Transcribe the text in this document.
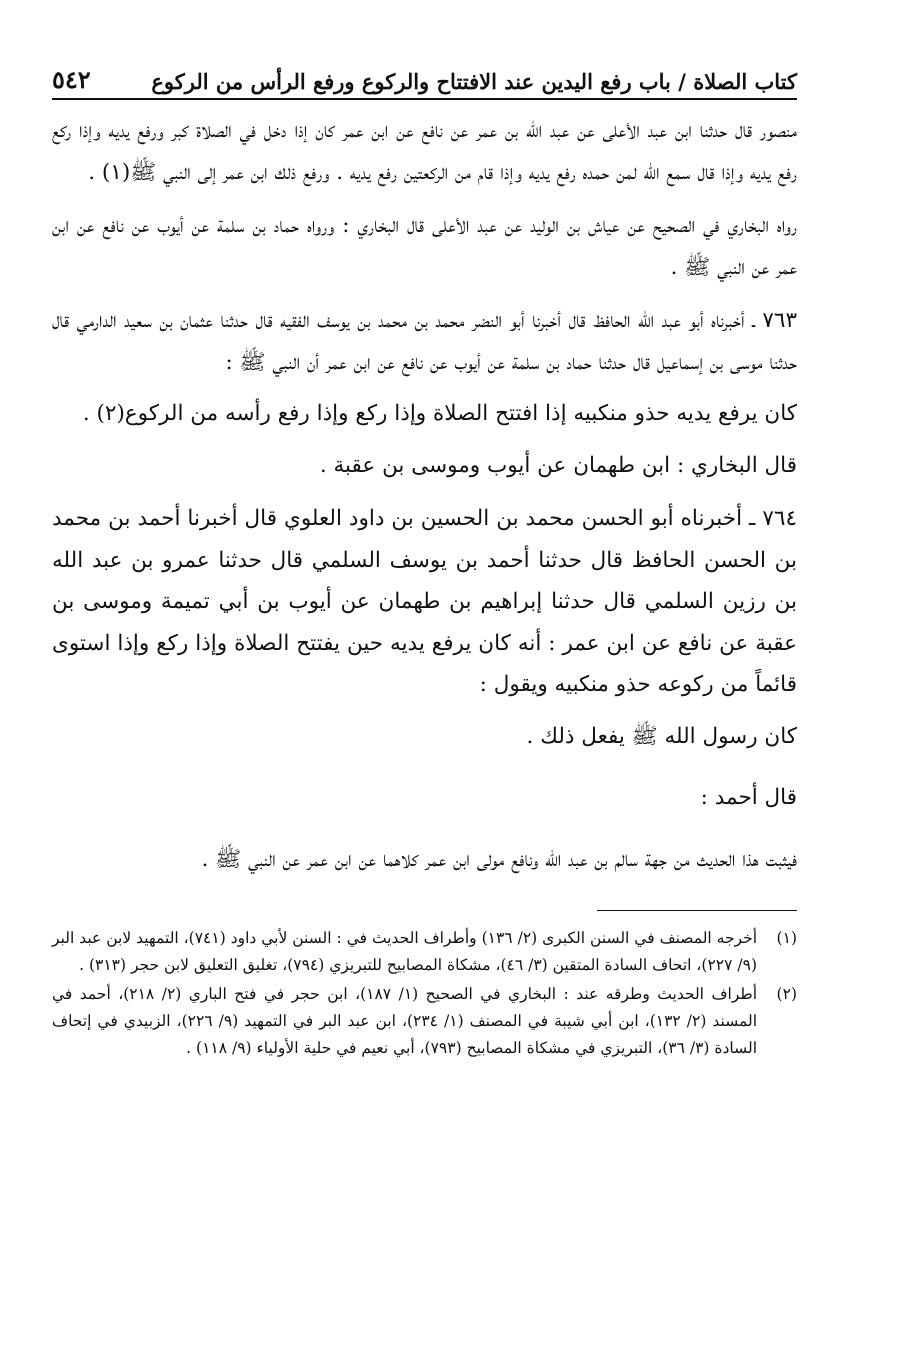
كتاب الصلاة / باب رفع اليدين عند الافتتاح والركوع ورفع الرأس من الركوع
٥٤٢

منصور قال حدثنا ابن عبد الأعلى عن عبد الله بن عمر عن نافع عن ابن عمر كان إذا دخل في الصلاة كبر ورفع يديه وإذا ركع رفع يديه وإذا قال سمع الله لمن حمده رفع يديه وإذا قام من الركعتين رفع يديه . ورفع ذلك ابن عمر إلى النبي ﷺ(١) .

رواه البخاري في الصحيح عن عياش بن الوليد عن عبد الأعلى قال البخاري : ورواه حماد بن سلمة عن أيوب عن نافع عن ابن عمر عن النبي ﷺ .

٧٦٣ ـ أخبرناه أبو عبد الله الحافظ قال أخبرنا أبو النضر محمد بن محمد بن يوسف الفقيه قال حدثنا عثمان بن سعيد الدارمي قال حدثنا موسى بن إسماعيل قال حدثنا حماد بن سلمة عن أيوب عن نافع عن ابن عمر أن النبي ﷺ :

كان يرفع يديه حذو منكبيه إذا افتتح الصلاة وإذا ركع وإذا رفع رأسه من الركوع(٢) .

قال البخاري : ابن طهمان عن أيوب وموسى بن عقبة .

٧٦٤ ـ أخبرناه أبو الحسن محمد بن الحسين بن داود العلوي قال أخبرنا أحمد بن محمد بن الحسن الحافظ قال حدثنا أحمد بن يوسف السلمي قال حدثنا عمرو بن عبد الله بن رزين السلمي قال حدثنا إبراهيم بن طهمان عن أيوب بن أبي تميمة وموسى بن عقبة عن نافع عن ابن عمر : أنه كان يرفع يديه حين يفتتح الصلاة وإذا ركع وإذا استوى قائماً من ركوعه حذو منكبيه ويقول :

كان رسول الله ﷺ يفعل ذلك .

قال أحمد :

فيثبت هذا الحديث من جهة سالم بن عبد الله ونافع مولى ابن عمر كلاهما عن ابن عمر عن النبي ﷺ .

(١)
أخرجه المصنف في السنن الكبرى (٢/ ١٣٦) وأطراف الحديث في : السنن لأبي داود (٧٤١)، التمهيد لابن عبد البر (٩/ ٢٢٧)، اتحاف السادة المتقين (٣/ ٤٦)، مشكاة المصابيح للتبريزي (٧٩٤)، تغليق التعليق لابن حجر (٣١٣) .
(٢)
أطراف الحديث وطرقه عند : البخاري في الصحيح (١/ ١٨٧)، ابن حجر في فتح الباري (٢/ ٢١٨)، أحمد في المسند (٢/ ١٣٢)، ابن أبي شيبة في المصنف (١/ ٢٣٤)، ابن عبد البر في التمهيد (٩/ ٢٢٦)، الزبيدي في إتحاف السادة (٣/ ٣٦)، التبريزي في مشكاة المصابيح (٧٩٣)، أبي نعيم في حلية الأولياء (٩/ ١١٨) .
